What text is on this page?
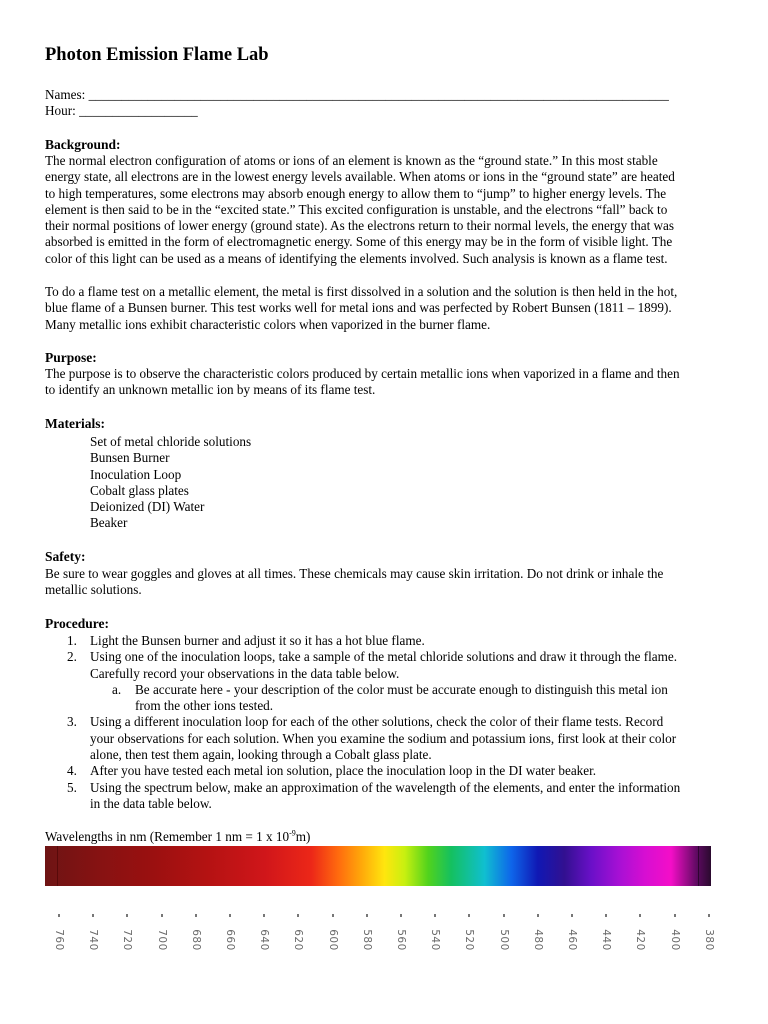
Photon Emission Flame Lab
Names: ________________________________________________________________________________________
Hour: __________________
Background:
The normal electron configuration of atoms or ions of an element is known as the “ground state.” In this most stable
energy state, all electrons are in the lowest energy levels available. When atoms or ions in the “ground state” are heated
to high temperatures, some electrons may absorb enough energy to allow them to “jump” to higher energy levels. The
element is then said to be in the “excited state.” This excited configuration is unstable, and the electrons “fall” back to
their normal positions of lower energy (ground state). As the electrons return to their normal levels, the energy that was
absorbed is emitted in the form of electromagnetic energy. Some of this energy may be in the form of visible light. The
color of this light can be used as a means of identifying the elements involved. Such analysis is known as a flame test.
To do a flame test on a metallic element, the metal is first dissolved in a solution and the solution is then held in the hot,
blue flame of a Bunsen burner. This test works well for metal ions and was perfected by Robert Bunsen (1811 – 1899).
Many metallic ions exhibit characteristic colors when vaporized in the burner flame.
Purpose:
The purpose is to observe the characteristic colors produced by certain metallic ions when vaporized in a flame and then
to identify an unknown metallic ion by means of its flame test.
Materials:
Set of metal chloride solutions
Bunsen Burner
Inoculation Loop
Cobalt glass plates
Deionized (DI) Water
Beaker
Safety:
Be sure to wear goggles and gloves at all times. These chemicals may cause skin irritation. Do not drink or inhale the
metallic solutions.
Procedure:
1. Light the Bunsen burner and adjust it so it has a hot blue flame.
2. Using one of the inoculation loops, take a sample of the metal chloride solutions and draw it through the flame.
Carefully record your observations in the data table below.
a. Be accurate here - your description of the color must be accurate enough to distinguish this metal ion
from the other ions tested.
3. Using a different inoculation loop for each of the other solutions, check the color of their flame tests. Record
your observations for each solution. When you examine the sodium and potassium ions, first look at their color
alone, then test them again, looking through a Cobalt glass plate.
4. After you have tested each metal ion solution, place the inoculation loop in the DI water beaker.
5. Using the spectrum below, make an approximation of the wavelength of the elements, and enter the information
in the data table below.
Wavelengths in nm (Remember 1 nm = 1 x $10^{-9}m$)
760 740 720 700 680 660 640 620 600 580 560 540 520 500 480 460 440 420 400 380
